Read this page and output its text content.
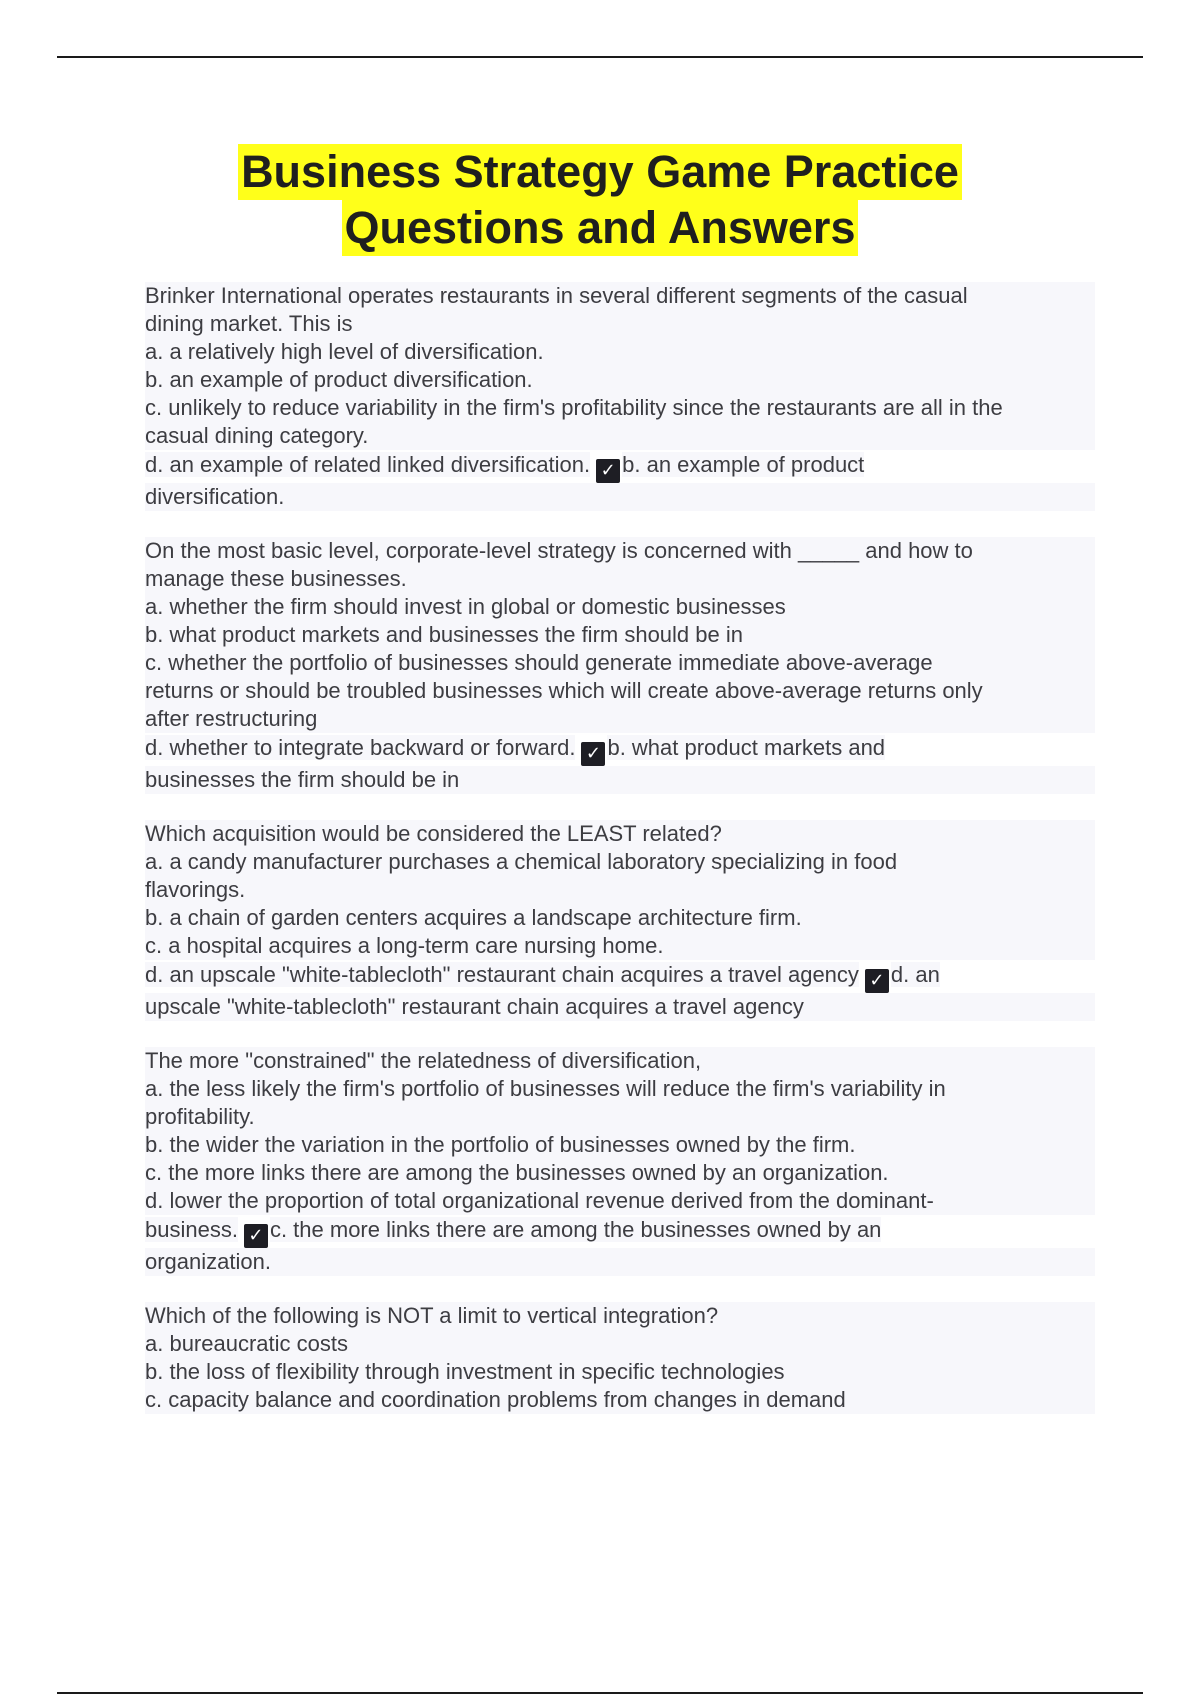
Business Strategy Game Practice
Questions and Answers
Brinker International operates restaurants in several different segments of the casual
dining market. This is
a. a relatively high level of diversification.
b. an example of product diversification.
c. unlikely to reduce variability in the firm's profitability since the restaurants are all in the
casual dining category.
d. an example of related linked diversification. ✓ b. an example of product
diversification.
On the most basic level, corporate-level strategy is concerned with _____ and how to
manage these businesses.
a. whether the firm should invest in global or domestic businesses
b. what product markets and businesses the firm should be in
c. whether the portfolio of businesses should generate immediate above-average
returns or should be troubled businesses which will create above-average returns only
after restructuring
d. whether to integrate backward or forward. ✓ b. what product markets and
businesses the firm should be in
Which acquisition would be considered the LEAST related?
a. a candy manufacturer purchases a chemical laboratory specializing in food
flavorings.
b. a chain of garden centers acquires a landscape architecture firm.
c. a hospital acquires a long-term care nursing home.
d. an upscale "white-tablecloth" restaurant chain acquires a travel agency ✓ d. an
upscale "white-tablecloth" restaurant chain acquires a travel agency
The more "constrained" the relatedness of diversification,
a. the less likely the firm's portfolio of businesses will reduce the firm's variability in
profitability.
b. the wider the variation in the portfolio of businesses owned by the firm.
c. the more links there are among the businesses owned by an organization.
d. lower the proportion of total organizational revenue derived from the dominant-
business. ✓ c. the more links there are among the businesses owned by an
organization.
Which of the following is NOT a limit to vertical integration?
a. bureaucratic costs
b. the loss of flexibility through investment in specific technologies
c. capacity balance and coordination problems from changes in demand
